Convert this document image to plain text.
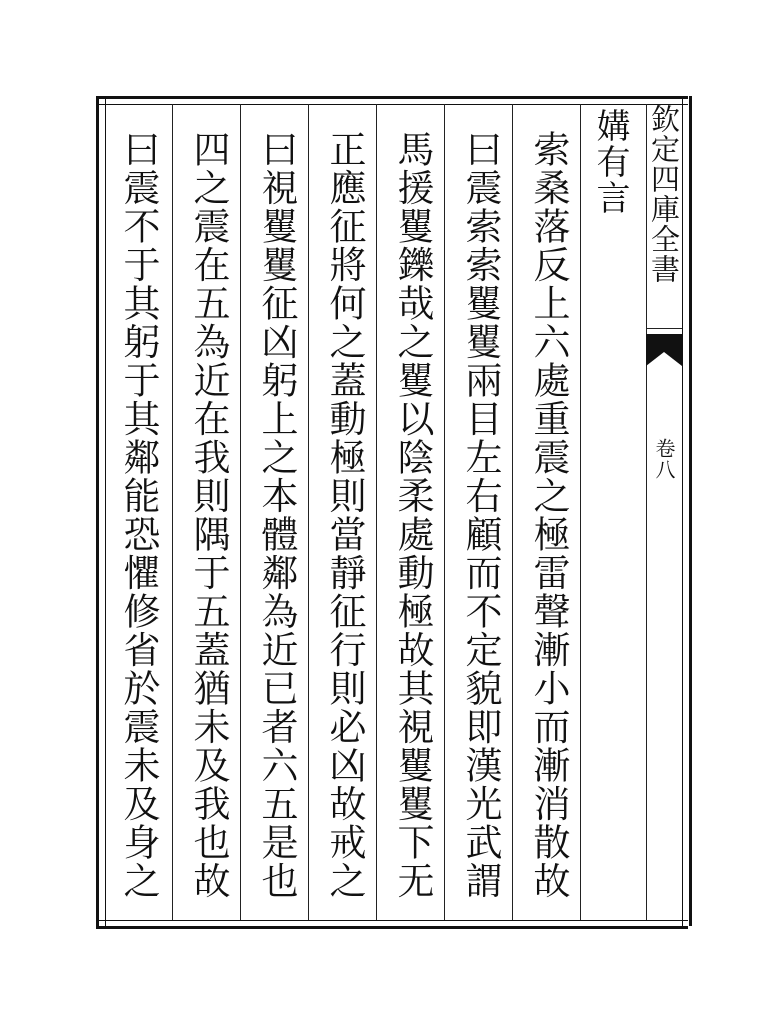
欽定四庫全書
卷八
媾有言
索桑落反上六處重震之極雷聲漸小而漸消散故
曰震索索矍矍兩目左右顧而不定貌即漢光武謂
馬援矍鑠哉之矍以陰柔處動極故其視矍矍下无
正應征將何之蓋動極則當靜征行則必凶故戒之
曰視矍矍征凶躬上之本體鄰為近已者六五是也
四之震在五為近在我則隅于五蓋猶未及我也故
曰震不于其躬于其鄰能恐懼修省於震未及身之
